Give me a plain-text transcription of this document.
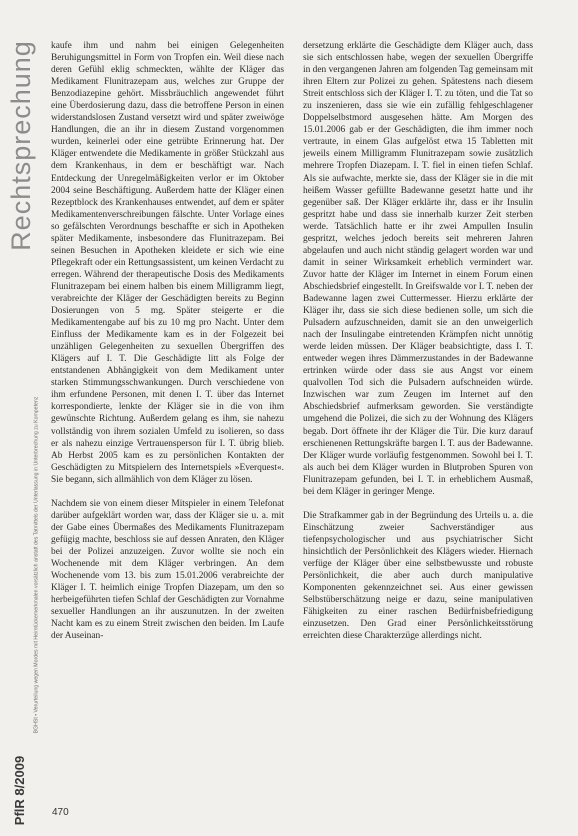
Rechtsprechung
BGHSt • Verurteilung wegen Mordes mit Heimtückemerkmalen vorsätzlich anstatt des Tatmittels der Unterlassung in Unterbrechung zu Kompetenz
PflR 8/2009 470

kaufe ihm und nahm bei einigen Gelegenheiten Beruhigungsmittel in Form von Tropfen ein. Weil diese nach deren Gefühl eklig schmeckten, wählte der Kläger das Medikament Flunitrazepam aus, welches zur Gruppe der Benzodiazepine gehört. Missbräuchlich angewendet führt eine Überdosierung dazu, dass die betroffene Person in einen widerstandslosen Zustand versetzt wird und später zweiwöge Handlungen, die an ihr in diesem Zustand vorgenommen wurden, keinerlei oder eine getrübte Erinnerung hat. Der Kläger entwendete die Medikamente in größer Stückzahl aus dem Krankenhaus, in dem er beschäftigt war. Nach Entdeckung der Unregelmäßigkeiten verlor er im Oktober 2004 seine Beschäftigung. Außerdem hatte der Kläger einen Rezeptblock des Krankenhauses entwendet, auf dem er später Medikamentenverschreibungen fälschte. Unter Vorlage eines so gefälschten Verordnungs beschaffte er sich in Apotheken später Medikamente, insbesondere das Flunitrazepam. Bei seinen Besuchen in Apotheken kleidete er sich wie eine Pflegekraft oder ein Rettungsassistent, um keinen Verdacht zu erregen. Während der therapeutische Dosis des Medikaments Flunitrazepam bei einem halben bis einem Milligramm liegt, verabreichte der Kläger der Geschädigten bereits zu Beginn Dosierungen von 5 mg. Später steigerte er die Medikamentengabe auf bis zu 10 mg pro Nacht. Unter dem Einfluss der Medikamente kam es in der Folgezeit bei unzähligen Gelegenheiten zu sexuellen Übergriffen des Klägers auf I. T. Die Geschädigte litt als Folge der entstandenen Abhängigkeit von dem Medikament unter starken Stimmungsschwankungen. Durch verschiedene von ihm erfundene Personen, mit denen I. T. über das Internet korrespondierte, lenkte der Kläger sie in die von ihm gewünschte Richtung. Außerdem gelang es ihm, sie nahezu vollständig von ihrem sozialen Umfeld zu isolieren, so dass er als nahezu einzige Vertrauensperson für I. T. übrig blieb. Ab Herbst 2005 kam es zu persönlichen Kontakten der Geschädigten zu Mitspielern des Internetspiels »Everquest«. Sie begann, sich allmählich von dem Kläger zu lösen.

Nachdem sie von einem dieser Mitspieler in einem Telefonat darüber aufgeklärt worden war, dass der Kläger sie u. a. mit der Gabe eines Übermaßes des Medikaments Flunitrazepam gefügig machte, beschloss sie auf dessen Anraten, den Kläger bei der Polizei anzuzeigen. Zuvor wollte sie noch ein Wochenende mit dem Kläger verbringen. An dem Wochenende vom 13. bis zum 15.01.2006 verabreichte der Kläger I. T. heimlich einige Tropfen Diazepam, um den so herbeigeführten tiefen Schlaf der Geschädigten zur Vornahme sexueller Handlungen an ihr auszunutzen. In der zweiten Nacht kam es zu einem Streit zwischen den beiden. Im Laufe der Auseinan-

dersetzung erklärte die Geschädigte dem Kläger auch, dass sie sich entschlossen habe, wegen der sexuellen Übergriffe in den vergangenen Jahren am folgenden Tag gemeinsam mit ihren Eltern zur Polizei zu gehen. Spätestens nach diesem Streit entschloss sich der Kläger I. T. zu töten, und die Tat so zu inszenieren, dass sie wie ein zufällig fehlgeschlagener Doppelselbstmord ausgesehen hätte. Am Morgen des 15.01.2006 gab er der Geschädigten, die ihm immer noch vertraute, in einem Glas aufgelöst etwa 15 Tabletten mit jeweils einem Milligramm Flunitrazepam sowie zusätzlich mehrere Tropfen Diazepam. I. T. fiel in einen tiefen Schlaf. Als sie aufwachte, merkte sie, dass der Kläger sie in die mit heißem Wasser gefüllte Badewanne gesetzt hatte und ihr gegenüber saß. Der Kläger erklärte ihr, dass er ihr Insulin gespritzt habe und dass sie innerhalb kurzer Zeit sterben werde. Tatsächlich hatte er ihr zwei Ampullen Insulin gespritzt, welches jedoch bereits seit mehreren Jahren abgelaufen und auch nicht ständig gelagert worden war und damit in seiner Wirksamkeit erheblich vermindert war. Zuvor hatte der Kläger im Internet in einem Forum einen Abschiedsbrief eingestellt. In Greifswalde vor I. T. neben der Badewanne lagen zwei Cuttermesser. Hierzu erklärte der Kläger ihr, dass sie sich diese bedienen solle, um sich die Pulsadern aufzuschneiden, damit sie an den unweigerlich nach der Insulingabe eintretenden Krämpfen nicht unnötig werde leiden müssen. Der Kläger beabsichtigte, dass I. T. entweder wegen ihres Dämmerzustandes in der Badewanne ertrinken würde oder dass sie aus Angst vor einem qualvollen Tod sich die Pulsadern aufschneiden würde. Inzwischen war zum Zeugen im Internet auf den Abschiedsbrief aufmerksam geworden. Sie verständigte umgehend die Polizei, die sich zu der Wohnung des Klägers begab. Dort öffnete ihr der Kläger die Tür. Die kurz darauf erschienenen Rettungskräfte bargen I. T. aus der Badewanne. Der Kläger wurde vorläufig festgenommen. Sowohl bei I. T. als auch bei dem Kläger wurden in Blutproben Spuren von Flunitrazepam gefunden, bei I. T. in erheblichem Ausmaß, bei dem Kläger in geringer Menge.

Die Strafkammer gab in der Begründung des Urteils u. a. die Einschätzung zweier Sachverständiger aus tiefenpsychologischer und aus psychiatrischer Sicht hinsichtlich der Persönlichkeit des Klägers wieder. Hiernach verfüge der Kläger über eine selbstbewusste und robuste Persönlichkeit, die aber auch durch manipulative Komponenten gekennzeichnet sei. Aus einer gewissen Selbstüberschätzung neige er dazu, seine manipulativen Fähigkeiten zu einer raschen Bedürfnisbefriedigung einzusetzen. Den Grad einer Persönlichkeitsstörung erreichten diese Charakterzüge allerdings nicht.
